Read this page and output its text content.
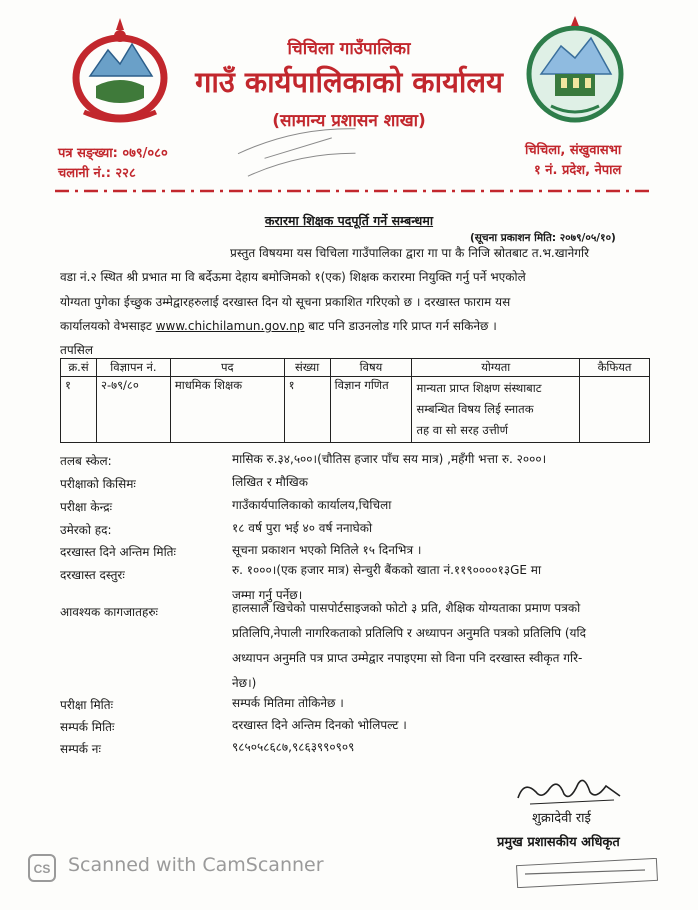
चिचिला गाउँपालिका
गाउँ कार्यपालिकाको कार्यालय
(सामान्य प्रशासन शाखा)
पत्र सङ्ख्या: ०७९/०८०
चलानी नं.: २२८
चिचिला, संखुवासभा
१ नं. प्रदेश, नेपाल
करारमा शिक्षक पदपूर्ति गर्ने सम्बन्धमा
(सूचना प्रकाशन मिति: २०७९/०५/१०)
प्रस्तुत विषयमा यस चिचिला गाउँपालिका द्वारा गा पा कै निजि स्रोतबाट त.भ.खानेगरि
वडा नं.२ स्थित श्री प्रभात मा वि बर्देऊमा देहाय बमोजिमको १(एक) शिक्षक करारमा नियुक्ति गर्नु पर्ने भएकोले
योग्यता पुगेका ईच्छुक उम्मेद्वारहरुलाई दरखास्त दिन यो सूचना प्रकाशित गरिएको छ । दरखास्त फाराम यस
कार्यालयको वेभसाइट www.chichilamun.gov.np बाट पनि डाउनलोड गरि प्राप्त गर्न सकिनेछ ।
तपसिल
क्र.सं	विज्ञापन नं.	पद	संख्या	विषय	योग्यता	कैफियत
१	२-७९/८०	माधमिक शिक्षक	१	विज्ञान गणित	मान्यता प्राप्त शिक्षण संस्थाबाट
सम्बन्धित विषय लिई स्नातक
तह वा सो सरह उत्तीर्ण	

तलब स्केल:	मासिक रु.३४,५००।(चौतिस हजार पाँच सय मात्र) ,महँगी भत्ता रु. २०००।
परीक्षाको किसिमः	लिखित र मौखिक
परीक्षा केन्द्रः	गाउँकार्यपालिकाको कार्यालय,चिचिला
उमेरको हद:	१८ वर्ष पुरा भई ४० वर्ष ननाघेको
दरखास्त दिने अन्तिम मितिः	सूचना प्रकाशन भएको मितिले १५ दिनभित्र ।
दरखास्त दस्तुरः	रु. १०००।(एक हजार मात्र) सेन्चुरी बैंकको खाता नं.११९००००१३GE मा
जम्मा गर्नु पर्नेछ।
आवश्यक कागजातहरुः	हालसालै खिचेको पासपोर्टसाइजको फोटो ३ प्रति, शैक्षिक योग्यताका प्रमाण पत्रको
प्रतिलिपि,नेपाली नागरिकताको प्रतिलिपि र अध्यापन अनुमति पत्रको प्रतिलिपि (यदि
अध्यापन अनुमति पत्र प्राप्त उम्मेद्वार नपाइएमा सो विना पनि दरखास्त स्वीकृत गरि-
नेछ।)
परीक्षा मितिः	सम्पर्क मितिमा तोकिनेछ ।
सम्पर्क मितिः	दरखास्त दिने अन्तिम दिनको भोलिपल्ट ।
सम्पर्क नः	९८५०५८६८७,९८६३९९०९०९
शुक्रादेवी राई
प्रमुख प्रशासकीय अधिकृत
CS Scanned with CamScanner
